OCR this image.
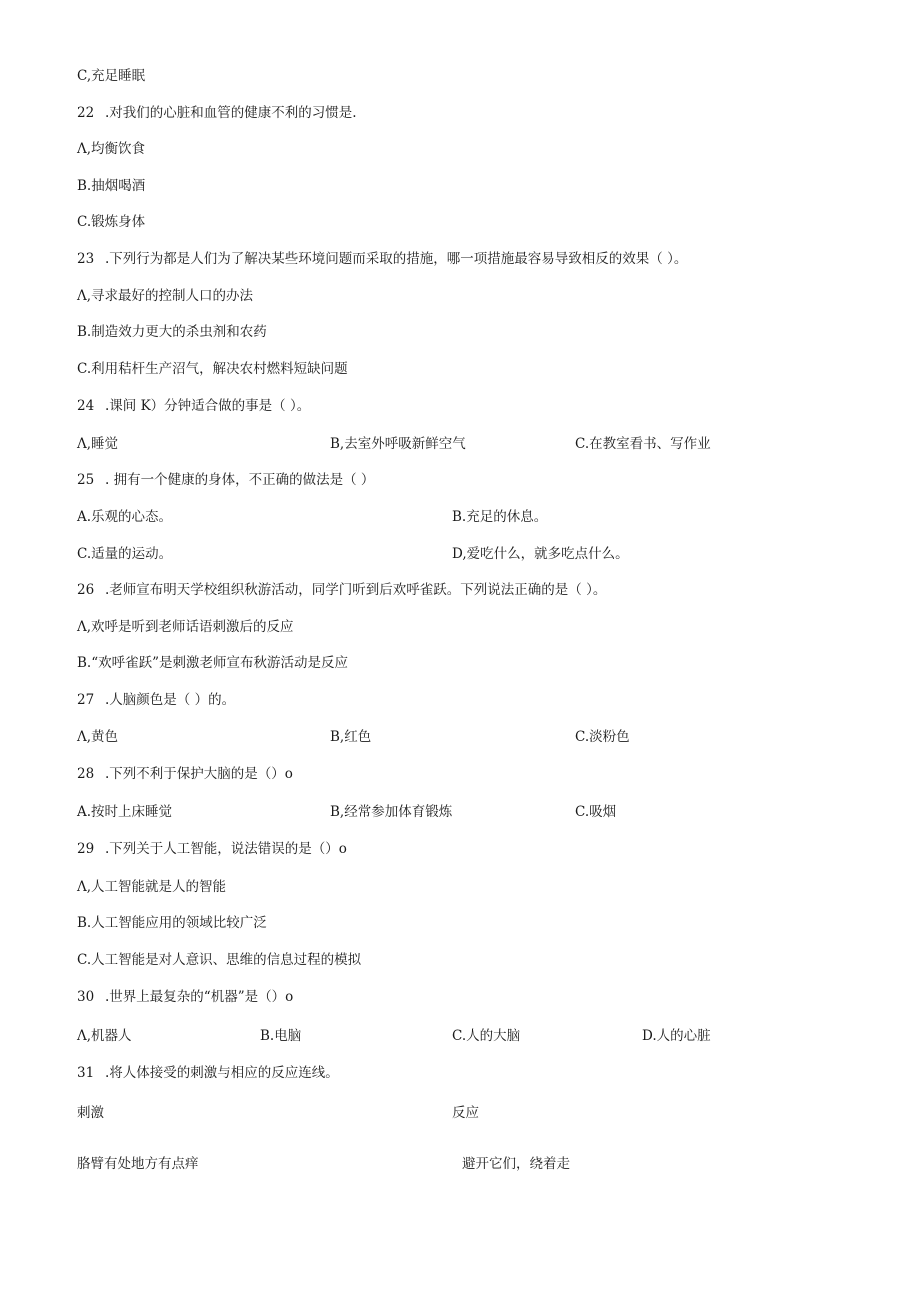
C,充足睡眠
22 .对我们的心脏和血管的健康不利的习惯是.
Λ,均衡饮食
B.抽烟喝酒
C.锻炼身体
23 .下列行为都是人们为了解决某些环境问题而采取的措施，哪一项措施最容易导致相反的效果（ ）。
Λ,寻求最好的控制人口的办法
B.制造效力更大的杀虫剂和农药
C.利用秸杆生产沼气，解决农村燃料短缺问题
24 .课间 K）分钟适合做的事是（ ）。
Λ,睡觉	B,去室外呼吸新鲜空气	C.在教室看书、写作业
25 . 拥有一个健康的身体，不正确的做法是（ ）
A.乐观的心态。	B.充足的休息。
C.适量的运动。	D,爱吃什么，就多吃点什么。
26 .老师宣布明天学校组织秋游活动，同学门听到后欢呼雀跃。下列说法正确的是（ ）。
Λ,欢呼是听到老师话语刺激后的反应
B.“欢呼雀跃”是刺激老师宣布秋游活动是反应
27 .人脑颜色是（ ）的。
Λ,黄色	B,红色	C.淡粉色
28 .下列不利于保护大脑的是（）o
A.按时上床睡觉	B,经常参加体育锻炼	C.吸烟
29 .下列关于人工智能，说法错误的是（）o
Λ,人工智能就是人的智能
B.人工智能应用的领域比较广泛
C.人工智能是对人意识、思维的信息过程的模拟
30 .世界上最复杂的“机器”是（）o
Λ,机器人	B.电脑	C.人的大脑	D.人的心脏
31 .将人体接受的刺激与相应的反应连线。
刺激	反应
胳臂有处地方有点痒	避开它们，绕着走
